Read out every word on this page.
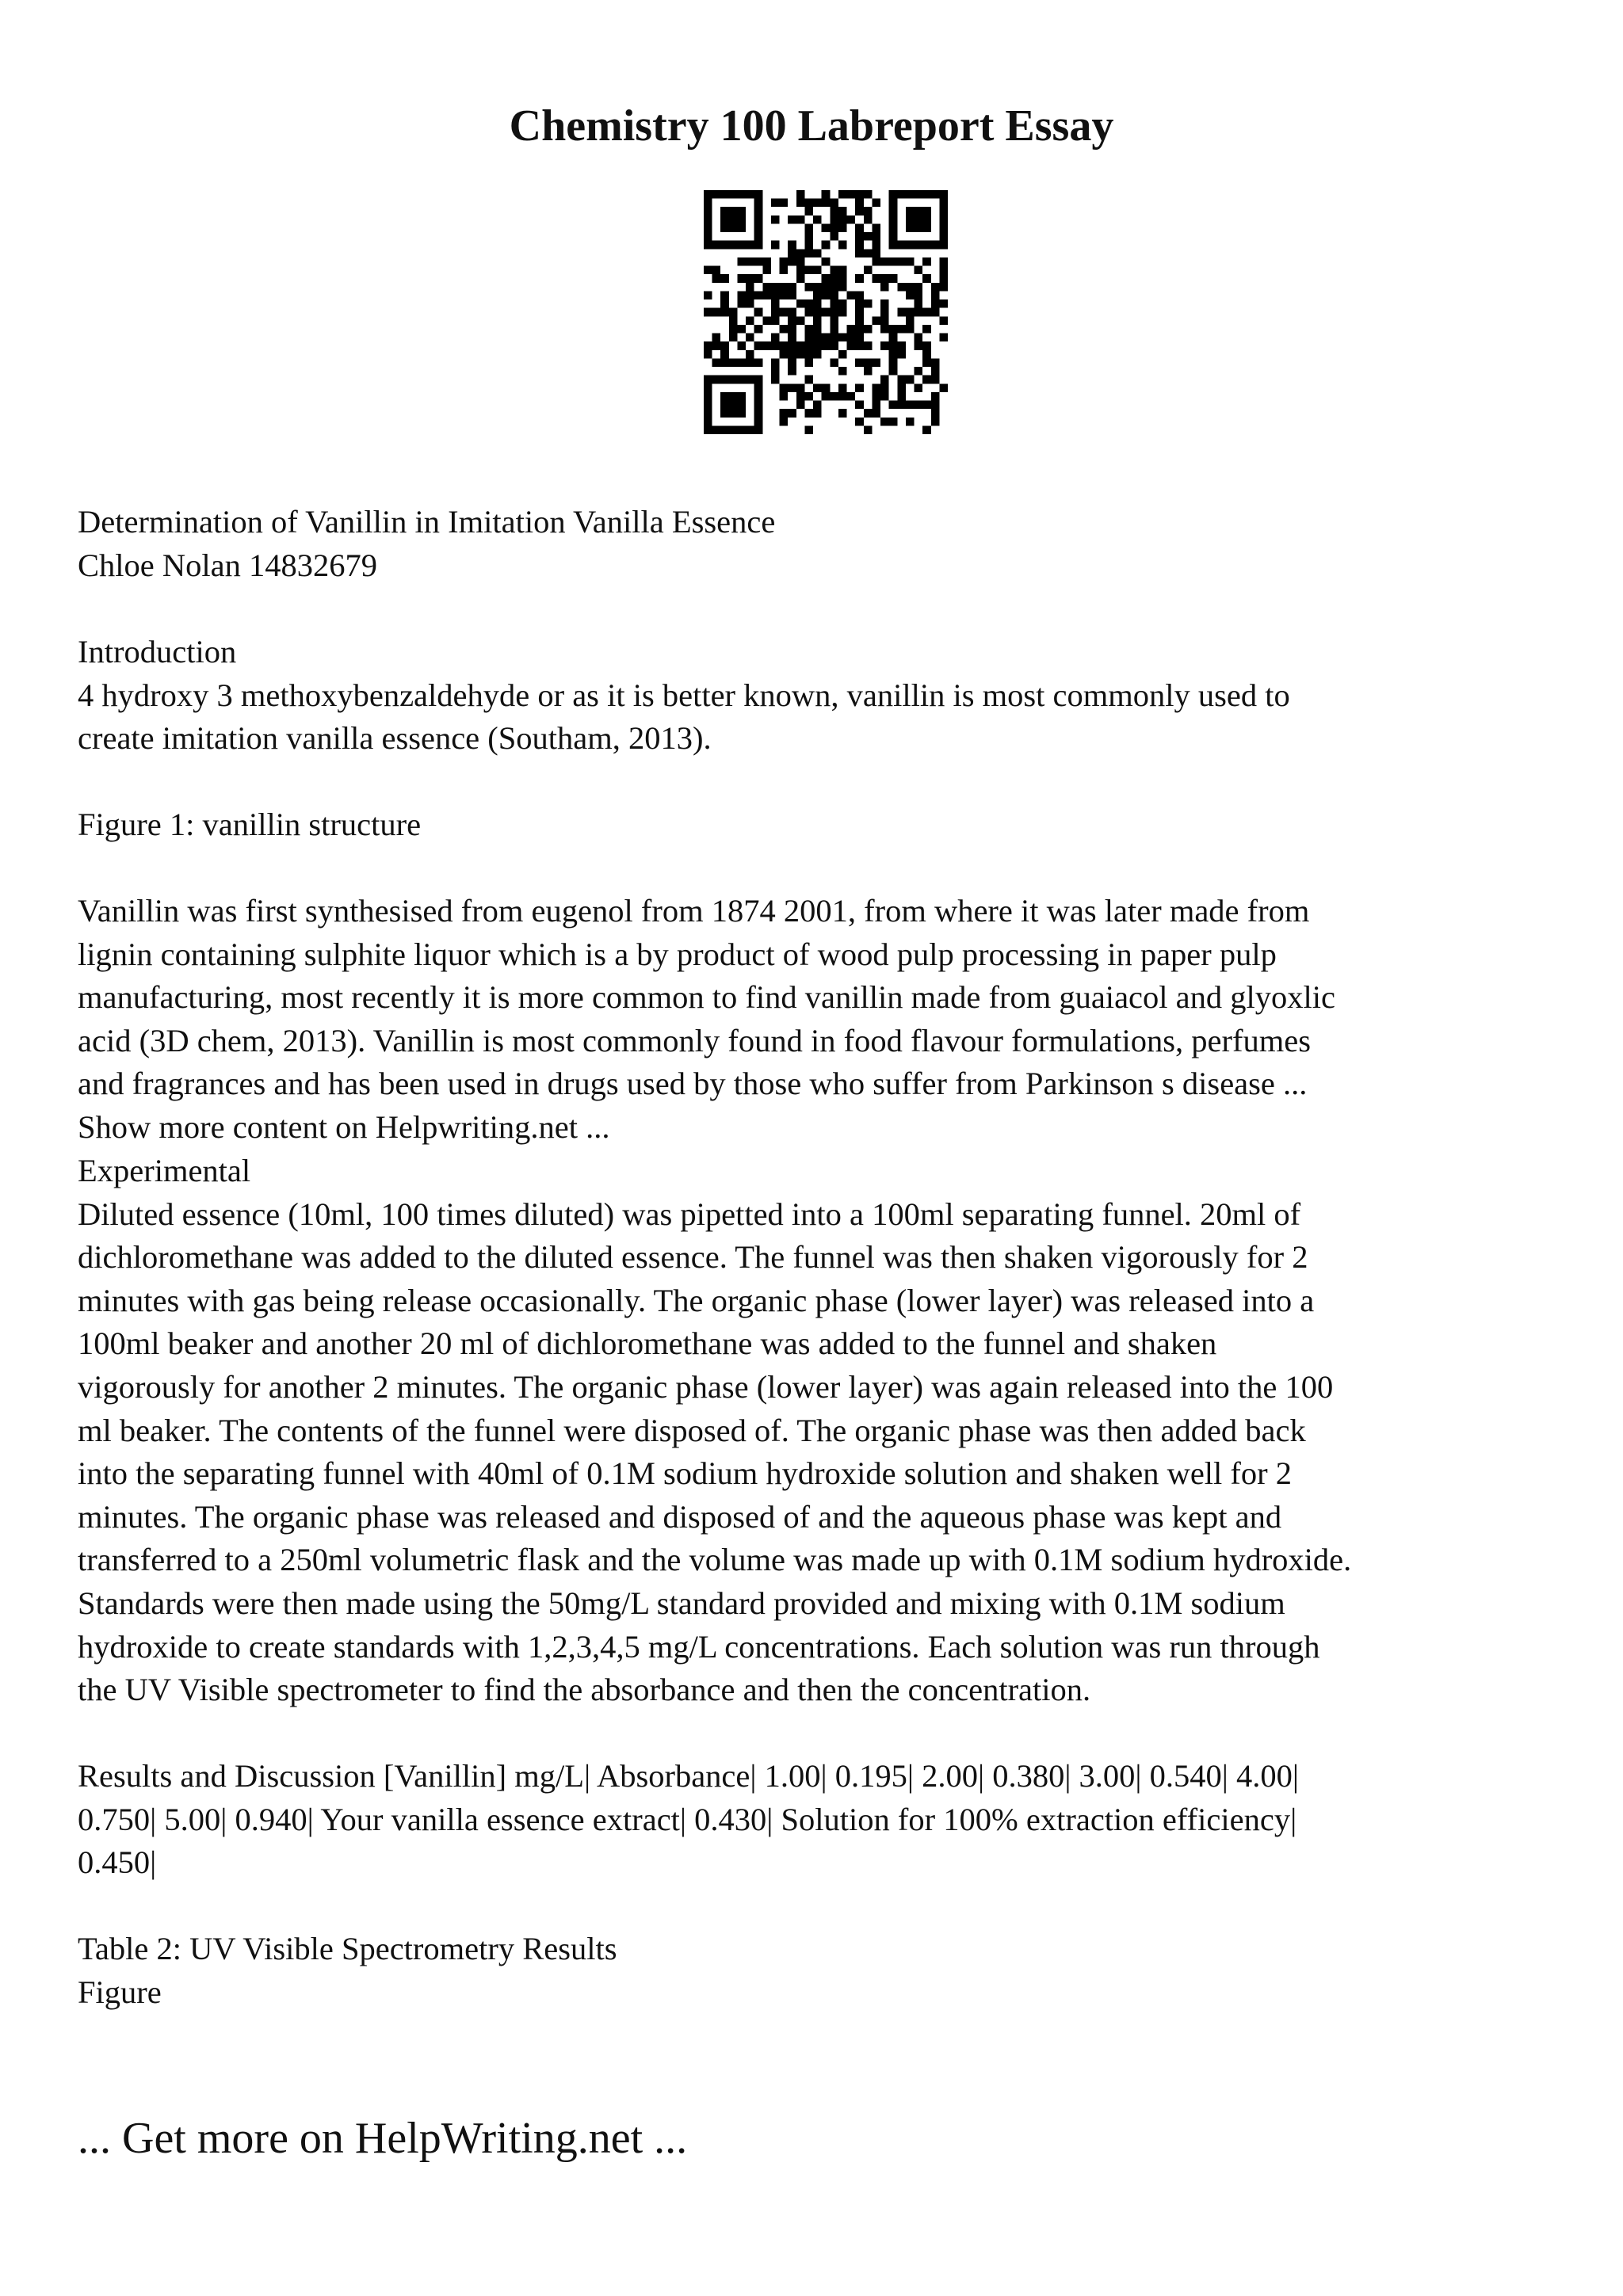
Chemistry 100 Labreport Essay
Determination of Vanillin in Imitation Vanilla Essence
Chloe Nolan 14832679
Introduction
4 hydroxy 3 methoxybenzaldehyde or as it is better known, vanillin is most commonly used to
create imitation vanilla essence (Southam, 2013).
Figure 1: vanillin structure
Vanillin was first synthesised from eugenol from 1874 2001, from where it was later made from
lignin containing sulphite liquor which is a by product of wood pulp processing in paper pulp
manufacturing, most recently it is more common to find vanillin made from guaiacol and glyoxlic
acid (3D chem, 2013). Vanillin is most commonly found in food flavour formulations, perfumes
and fragrances and has been used in drugs used by those who suffer from Parkinson s disease ...
Show more content on Helpwriting.net ...
Experimental
Diluted essence (10ml, 100 times diluted) was pipetted into a 100ml separating funnel. 20ml of
dichloromethane was added to the diluted essence. The funnel was then shaken vigorously for 2
minutes with gas being release occasionally. The organic phase (lower layer) was released into a
100ml beaker and another 20 ml of dichloromethane was added to the funnel and shaken
vigorously for another 2 minutes. The organic phase (lower layer) was again released into the 100
ml beaker. The contents of the funnel were disposed of. The organic phase was then added back
into the separating funnel with 40ml of 0.1M sodium hydroxide solution and shaken well for 2
minutes. The organic phase was released and disposed of and the aqueous phase was kept and
transferred to a 250ml volumetric flask and the volume was made up with 0.1M sodium hydroxide.
Standards were then made using the 50mg/L standard provided and mixing with 0.1M sodium
hydroxide to create standards with 1,2,3,4,5 mg/L concentrations. Each solution was run through
the UV Visible spectrometer to find the absorbance and then the concentration.
Results and Discussion [Vanillin] mg/L| Absorbance| 1.00| 0.195| 2.00| 0.380| 3.00| 0.540| 4.00|
0.750| 5.00| 0.940| Your vanilla essence extract| 0.430| Solution for 100% extraction efficiency|
0.450|
Table 2: UV Visible Spectrometry Results
Figure
... Get more on HelpWriting.net ...
